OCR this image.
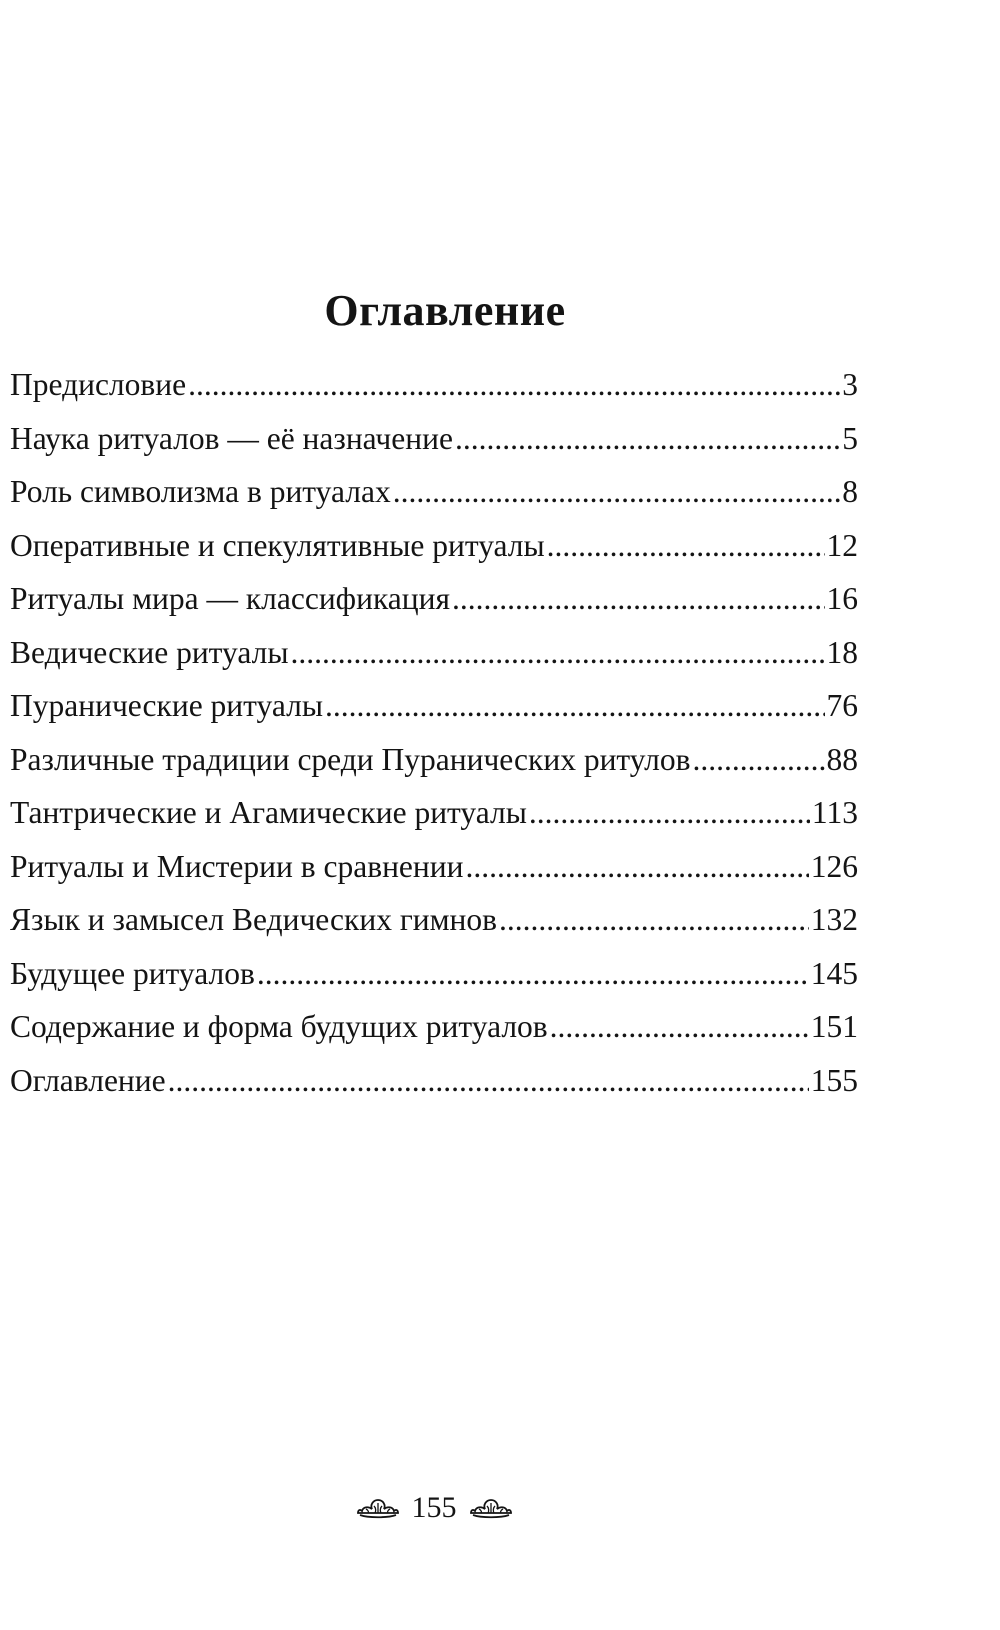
Оглавление
Предисловие .....	3
Наука ритуалов — её назначение .....	5
Роль символизма в ритуалах .....	8
Оперативные и спекулятивные ритуалы .....	12
Ритуалы мира — классификация .....	16
Ведические ритуалы .....	18
Пуранические ритуалы .....	76
Различные традиции среди Пуранических ритулов .....	88
Тантрические и Агамические ритуалы .....	113
Ритуалы и Мистерии в сравнении .....	126
Язык и замысел Ведических гимнов .....	132
Будущее ритуалов .....	145
Содержание и форма будущих ритуалов .....	151
Оглавление .....	155
155
